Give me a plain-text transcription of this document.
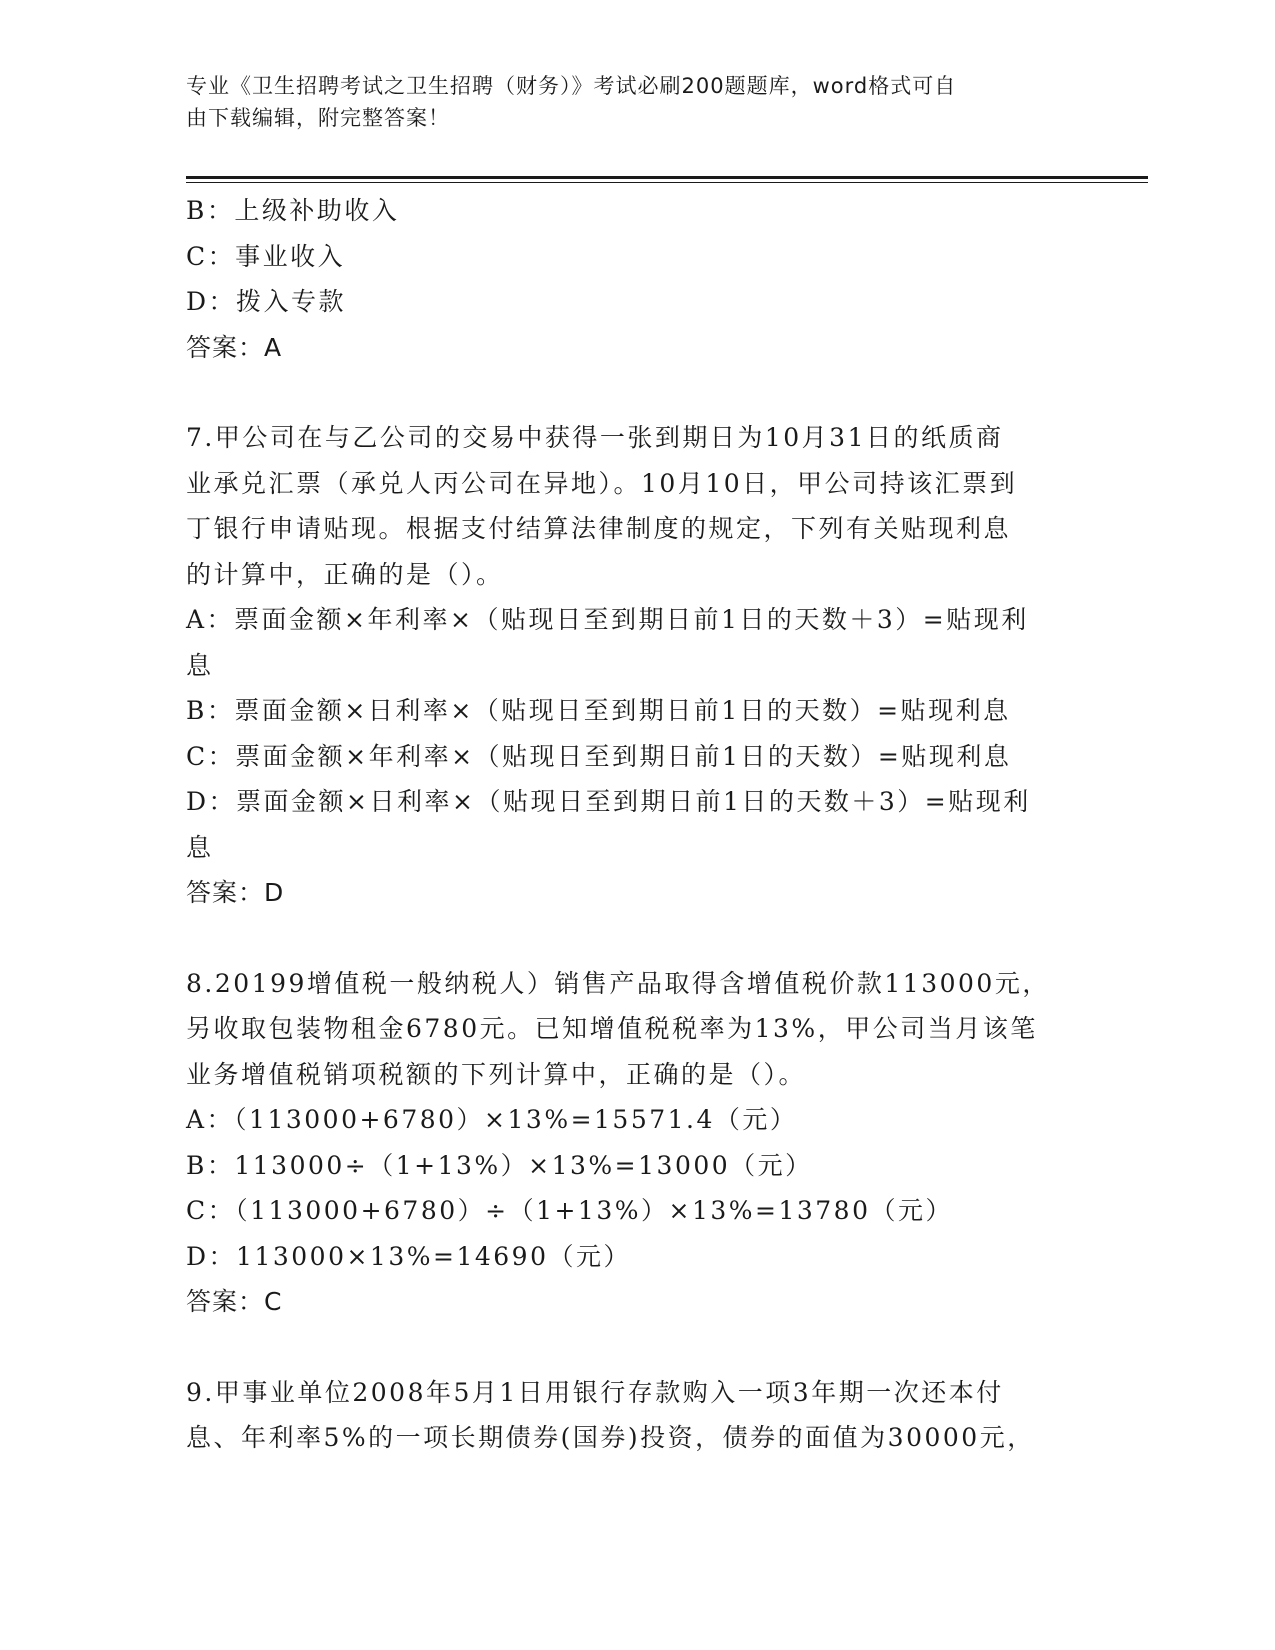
专业《卫生招聘考试之卫生招聘（财务）》考试必刷200题题库，word格式可自
由下载编辑，附完整答案！
B：上级补助收入
C：事业收入
D：拨入专款
答案：A
7.甲公司在与乙公司的交易中获得一张到期日为10月31日的纸质商
业承兑汇票（承兑人丙公司在异地）。10月10日，甲公司持该汇票到
丁银行申请贴现。根据支付结算法律制度的规定，下列有关贴现利息
的计算中，正确的是（）。
A：票面金额×年利率×（贴现日至到期日前1日的天数＋3）=贴现利
息
B：票面金额×日利率×（贴现日至到期日前1日的天数）=贴现利息
C：票面金额×年利率×（贴现日至到期日前1日的天数）=贴现利息
D：票面金额×日利率×（贴现日至到期日前1日的天数＋3）=贴现利
息
答案：D
8.20199增值税一般纳税人）销售产品取得含增值税价款113000元，
另收取包装物租金6780元。已知增值税税率为13%，甲公司当月该笔
业务增值税销项税额的下列计算中，正确的是（）。
A：（113000+6780）×13%=15571.4（元）
B：113000÷（1+13%）×13%=13000（元）
C：（113000+6780）÷（1+13%）×13%=13780（元）
D：113000×13%=14690（元）
答案：C
9.甲事业单位2008年5月1日用银行存款购入一项3年期一次还本付
息、年利率5%的一项长期债券(国券)投资，债券的面值为30000元，
